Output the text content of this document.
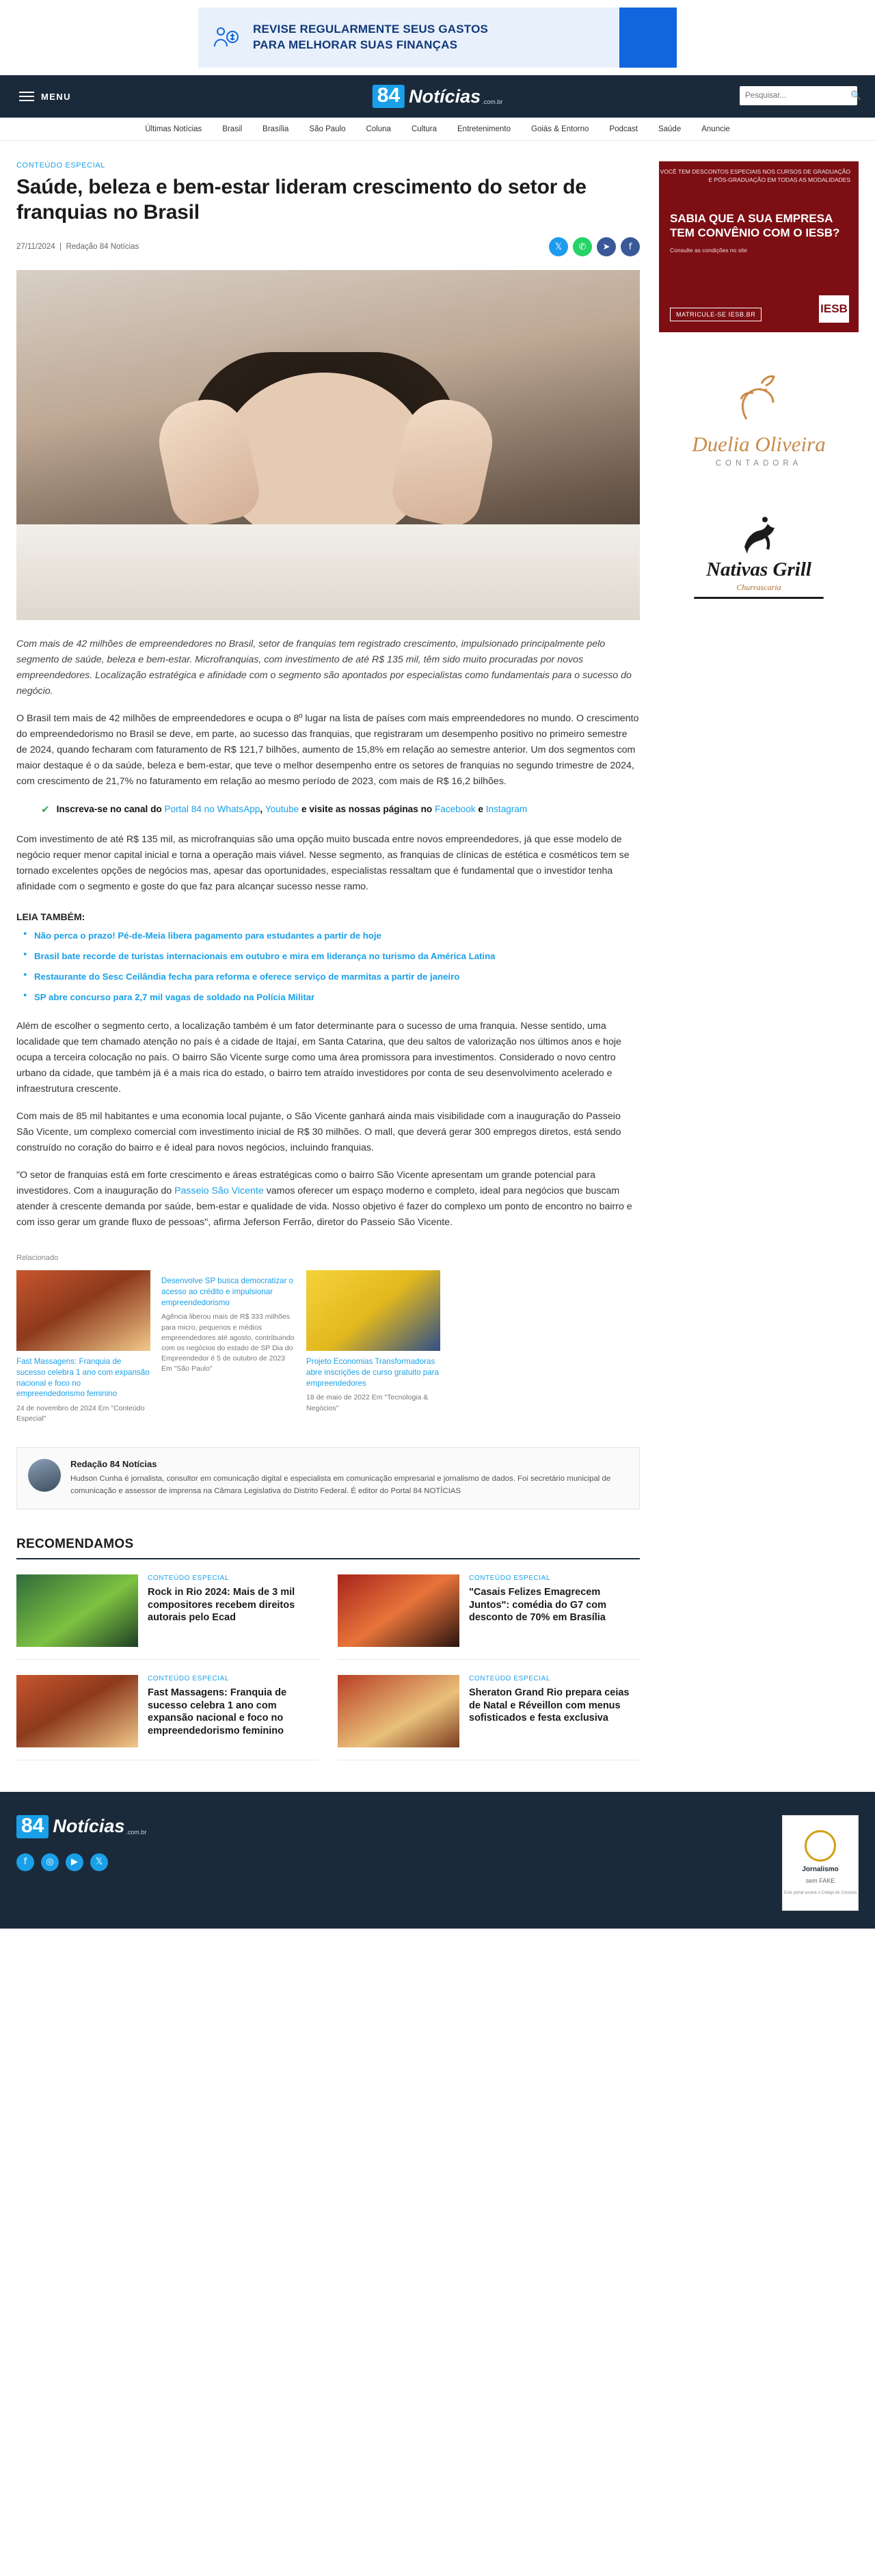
REVISE REGULARMENTE SEUS GASTOS
PARA MELHORAR SUAS FINANÇAS
MENU	84 Notícias .com.br
Pesquisar...
🔍
Últimas Notícias	Brasil	Brasília	São Paulo	Coluna	Cultura	Entretenimento	Goiás & Entorno	Podcast	Saúde	Anuncie
CONTEÚDO ESPECIAL
Saúde, beleza e bem-estar lideram crescimento do setor de franquias no Brasil
27/11/2024  |  Redação 84 Notícias	𝕏	✆	➤	f

Com mais de 42 milhões de empreendedores no Brasil, setor de franquias tem registrado crescimento, impulsionado principalmente pelo segmento de saúde, beleza e bem-estar. Microfranquias, com investimento de até R$ 135 mil, têm sido muito procuradas por novos empreendedores. Localização estratégica e afinidade com o segmento são apontados por especialistas como fundamentais para o sucesso do negócio.

O Brasil tem mais de 42 milhões de empreendedores e ocupa o 8º lugar na lista de países com mais empreendedores no mundo. O crescimento do empreendedorismo no Brasil se deve, em parte, ao sucesso das franquias, que registraram um desempenho positivo no primeiro semestre de 2024, quando fecharam com faturamento de R$ 121,7 bilhões, aumento de 15,8% em relação ao semestre anterior. Um dos segmentos com maior destaque é o da saúde, beleza e bem-estar, que teve o melhor desempenho entre os setores de franquias no segundo trimestre de 2024, com crescimento de 21,7% no faturamento em relação ao mesmo período de 2023, com mais de R$ 16,2 bilhões.

✔ Inscreva-se no canal do Portal 84 no WhatsApp, Youtube e visite as nossas páginas no Facebook e Instagram

Com investimento de até R$ 135 mil, as microfranquias são uma opção muito buscada entre novos empreendedores, já que esse modelo de negócio requer menor capital inicial e torna a operação mais viável. Nesse segmento, as franquias de clínicas de estética e cosméticos tem se tornado excelentes opções de negócios mas, apesar das oportunidades, especialistas ressaltam que é fundamental que o investidor tenha afinidade com o segmento e goste do que faz para alcançar sucesso nesse ramo.

LEIA TAMBÉM:
● Não perca o prazo! Pé-de-Meia libera pagamento para estudantes a partir de hoje
● Brasil bate recorde de turistas internacionais em outubro e mira em liderança no turismo da América Latina
● Restaurante do Sesc Ceilândia fecha para reforma e oferece serviço de marmitas a partir de janeiro
● SP abre concurso para 2,7 mil vagas de soldado na Polícia Militar

Além de escolher o segmento certo, a localização também é um fator determinante para o sucesso de uma franquia. Nesse sentido, uma localidade que tem chamado atenção no país é a cidade de Itajaí, em Santa Catarina, que deu saltos de valorização nos últimos anos e hoje ocupa a terceira colocação no país. O bairro São Vicente surge como uma área promissora para investimentos. Considerado o novo centro urbano da cidade, que também já é a mais rica do estado, o bairro tem atraído investidores por conta de seu desenvolvimento acelerado e infraestrutura crescente.

Com mais de 85 mil habitantes e uma economia local pujante, o São Vicente ganhará ainda mais visibilidade com a inauguração do Passeio São Vicente, um complexo comercial com investimento inicial de R$ 30 milhões. O mall, que deverá gerar 300 empregos diretos, está sendo construído no coração do bairro e é ideal para novos negócios, incluindo franquias.

"O setor de franquias está em forte crescimento e áreas estratégicas como o bairro São Vicente apresentam um grande potencial para investidores. Com a inauguração do Passeio São Vicente vamos oferecer um espaço moderno e completo, ideal para negócios que buscam atender à crescente demanda por saúde, bem-estar e qualidade de vida. Nosso objetivo é fazer do complexo um ponto de encontro no bairro e com isso gerar um grande fluxo de pessoas", afirma Jeferson Ferrão, diretor do Passeio São Vicente.

Relacionado
Fast Massagens: Franquia de sucesso celebra 1 ano com expansão nacional e foco no empreendedorismo feminino
24 de novembro de 2024 Em "Conteúdo Especial"
Desenvolve SP busca democratizar o acesso ao crédito e impulsionar empreendedorismo
Agência liberou mais de R$ 333 milhões para micro, pequenos e médios empreendedores até agosto, contribuindo com os negócios do estado de SP Dia do Empreendedor é 5 de outubro de 2023 Em "São Paulo"
Projeto Economias Transformadoras abre inscrições de curso gratuito para empreendedores
18 de maio de 2022 Em "Tecnologia & Negócios"
Redação 84 Notícias
Hudson Cunha é jornalista, consultor em comunicação digital e especialista em comunicação empresarial e jornalismo de dados. Foi secretário municipal de comunicação e assessor de imprensa na Câmara Legislativa do Distrito Federal. É editor do Portal 84 NOTÍCIAS
RECOMENDAMOS
CONTEÚDO ESPECIAL
Rock in Rio 2024: Mais de 3 mil compositores recebem direitos autorais pelo Ecad
CONTEÚDO ESPECIAL
"Casais Felizes Emagrecem Juntos": comédia do G7 com desconto de 70% em Brasília
CONTEÚDO ESPECIAL
Fast Massagens: Franquia de sucesso celebra 1 ano com expansão nacional e foco no empreendedorismo feminino
CONTEÚDO ESPECIAL
Sheraton Grand Rio prepara ceias de Natal e Réveillon com menus sofisticados e festa exclusiva
VOCÊ TEM DESCONTOS ESPECIAIS NOS CURSOS DE GRADUAÇÃO E PÓS-GRADUAÇÃO EM TODAS AS MODALIDADES
SABIA QUE A SUA EMPRESA TEM CONVÊNIO COM O IESB?
Consulte as condições no site
MATRICULE-SE IESB.BR	IESB
Duelia Oliveira
CONTADORA
Nativas Grill
Churrascaria
84 Notícias .com.br
f	◎	▶	𝕏
Jornalismo
sem FAKE
Este portal assina o Código de Conduta
